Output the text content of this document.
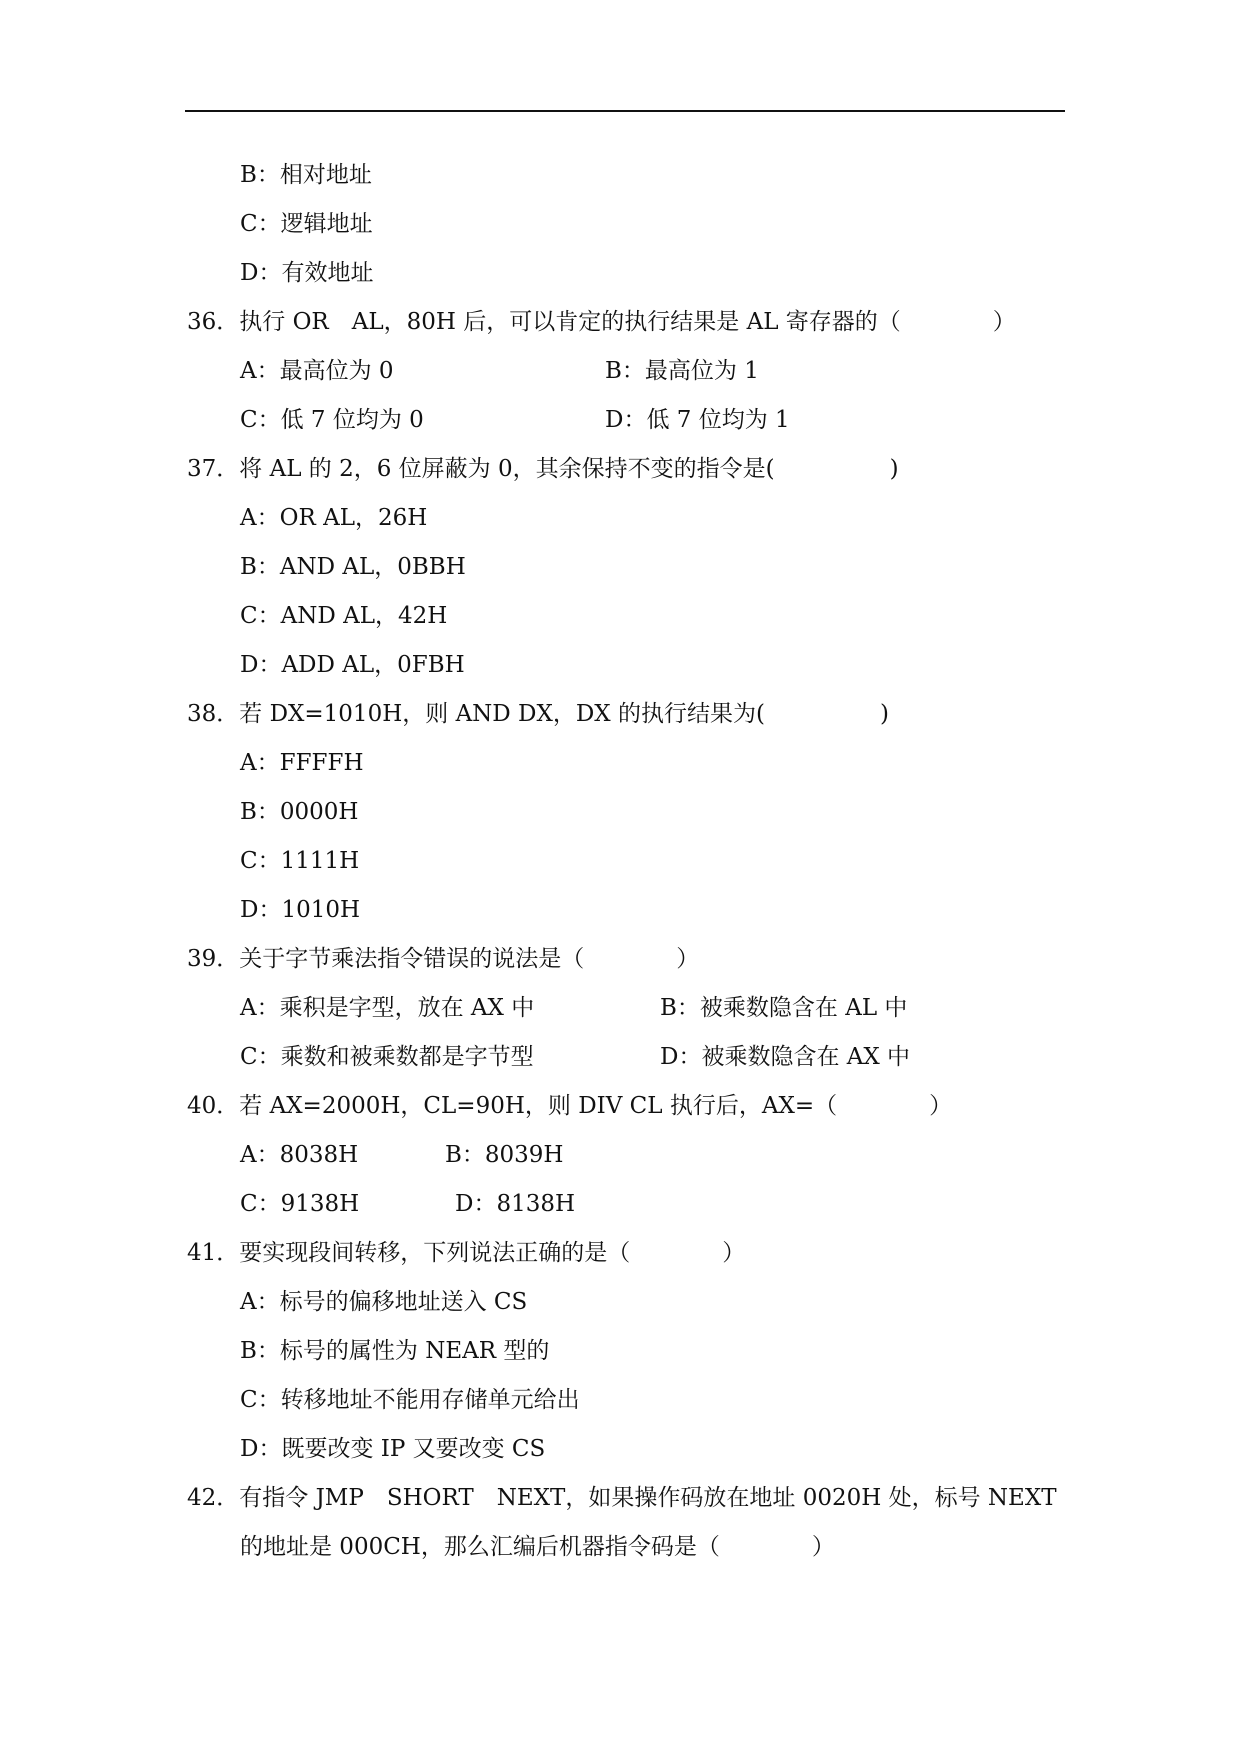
B：相对地址
C：逻辑地址
D：有效地址
36．执行 OR　AL，80H 后，可以肯定的执行结果是 AL 寄存器的（　　　　）
A：最高位为 0	B：最高位为 1
C：低 7 位均为 0	D：低 7 位均为 1
37．将 AL 的 2，6 位屏蔽为 0，其余保持不变的指令是(　　　　　)
A：OR AL，26H
B：AND AL，0BBH
C：AND AL，42H
D：ADD AL，0FBH
38．若 DX=1010H，则 AND DX，DX 的执行结果为(　　　　　)
A：FFFFH
B：0000H
C：1111H
D：1010H
39．关于字节乘法指令错误的说法是（　　　　）
A：乘积是字型，放在 AX 中	B：被乘数隐含在 AL 中
C：乘数和被乘数都是字节型	D：被乘数隐含在 AX 中
40．若 AX=2000H，CL=90H，则 DIV CL 执行后，AX=（　　　　）
A：8038H	B：8039H
C：9138H	D：8138H
41．要实现段间转移，下列说法正确的是（　　　　）
A：标号的偏移地址送入 CS
B：标号的属性为 NEAR 型的
C：转移地址不能用存储单元给出
D：既要改变 IP 又要改变 CS
42．有指令 JMP　SHORT　NEXT，如果操作码放在地址 0020H 处，标号 NEXT
的地址是 000CH，那么汇编后机器指令码是（　　　　）
